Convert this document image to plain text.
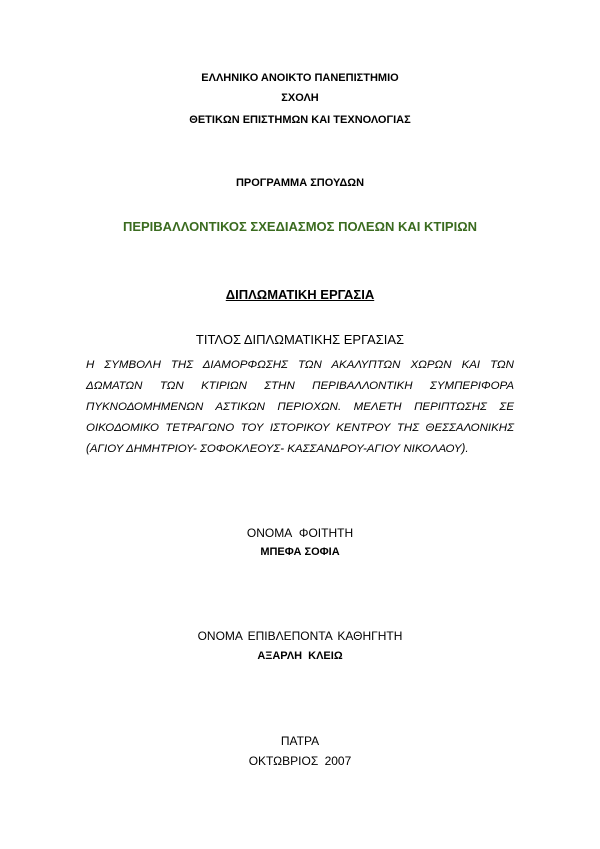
ΕΛΛΗΝΙΚΟ ΑΝΟΙΚΤΟ ΠΑΝΕΠΙΣΤΗΜΙΟ
ΣΧΟΛΗ
ΘΕΤΙΚΩΝ ΕΠΙΣΤΗΜΩΝ ΚΑΙ ΤΕΧΝΟΛΟΓΙΑΣ
ΠΡΟΓΡΑΜΜΑ ΣΠΟΥΔΩΝ
ΠΕΡΙΒΑΛΛΟΝΤΙΚΟΣ ΣΧΕΔΙΑΣΜΟΣ ΠΟΛΕΩΝ ΚΑΙ ΚΤΙΡΙΩΝ
ΔΙΠΛΩΜΑΤΙΚΗ ΕΡΓΑΣΙΑ
ΤΙΤΛΟΣ ΔΙΠΛΩΜΑΤΙΚΗΣ ΕΡΓΑΣΙΑΣ
Η ΣΥΜΒΟΛΗ ΤΗΣ ΔΙΑΜΟΡΦΩΣΗΣ ΤΩΝ ΑΚΑΛΥΠΤΩΝ ΧΩΡΩΝ ΚΑΙ ΤΩΝ ΔΩΜΑΤΩΝ ΤΩΝ ΚΤΙΡΙΩΝ ΣΤΗΝ ΠΕΡΙΒΑΛΛΟΝΤΙΚΗ ΣΥΜΠΕΡΙΦΟΡΑ ΠΥΚΝΟΔΟΜΗΜΕΝΩΝ ΑΣΤΙΚΩΝ ΠΕΡΙΟΧΩΝ. ΜΕΛΕΤΗ ΠΕΡΙΠΤΩΣΗΣ ΣΕ ΟΙΚΟΔΟΜΙΚΟ ΤΕΤΡΑΓΩΝΟ ΤΟΥ ΙΣΤΟΡΙΚΟΥ ΚΕΝΤΡΟΥ ΤΗΣ ΘΕΣΣΑΛΟΝΙΚΗΣ (ΑΓΙΟΥ ΔΗΜΗΤΡΙΟΥ- ΣΟΦΟΚΛΕΟΥΣ- ΚΑΣΣΑΝΔΡΟΥ-ΑΓΙΟΥ ΝΙΚΟΛΑΟΥ).
ΟΝΟΜΑ ΦΟΙΤΗΤΗ
ΜΠΕΦΑ ΣΟΦΙΑ
ΟΝΟΜΑ ΕΠΙΒΛΕΠΟΝΤΑ ΚΑΘΗΓΗΤΗ
ΑΞΑΡΛΗ ΚΛΕΙΩ
ΠΑΤΡΑ
ΟΚΤΩΒΡΙΟΣ 2007
